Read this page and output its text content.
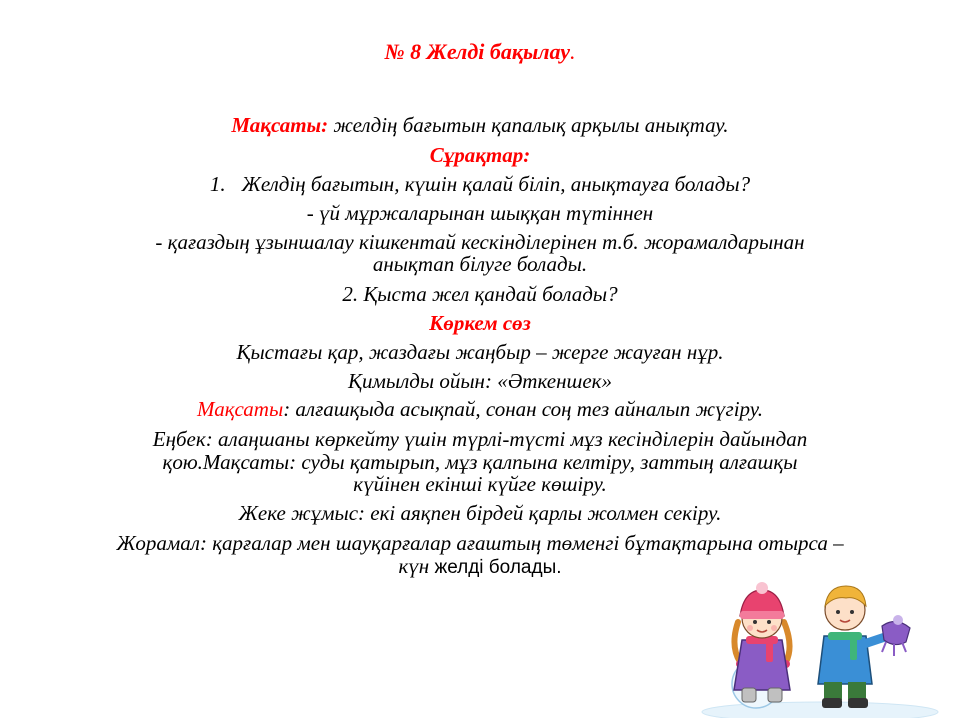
№ 8 Желді бақылау.
Мақсаты: желдің бағытын қапалық арқылы анықтау.
Сұрақтар:
1. Желдің бағытын, күшін қалай біліп, анықтауға болады?
- үй мұржаларынан шыққан түтіннен
- қағаздың ұзыншалау кішкентай кескінділерінен т.б. жорамалдарынан
анықтап білуге болады.
2. Қыста жел қандай болады?
Көркем сөз
Қыстағы қар, жаздағы жаңбыр – жерге жауған нұр.
Қимылды ойын: «Әткеншек»
Мақсаты: алғашқыда асықпай, сонан соң тез айналып жүгіру.
Еңбек: алаңшаны көркейту үшін түрлі-түсті мұз кесінділерін дайындап
қою.Мақсаты: суды қатырып, мұз қалпына келтіру, заттың алғашқы
күйінен екінші күйге көшіру.
Жеке жұмыс: екі аяқпен бірдей қарлы жолмен секіру.
Жорамал: қарғалар мен шауқарғалар ағаштың төменгі бұтақтарына отырса –
күн желді болады.
